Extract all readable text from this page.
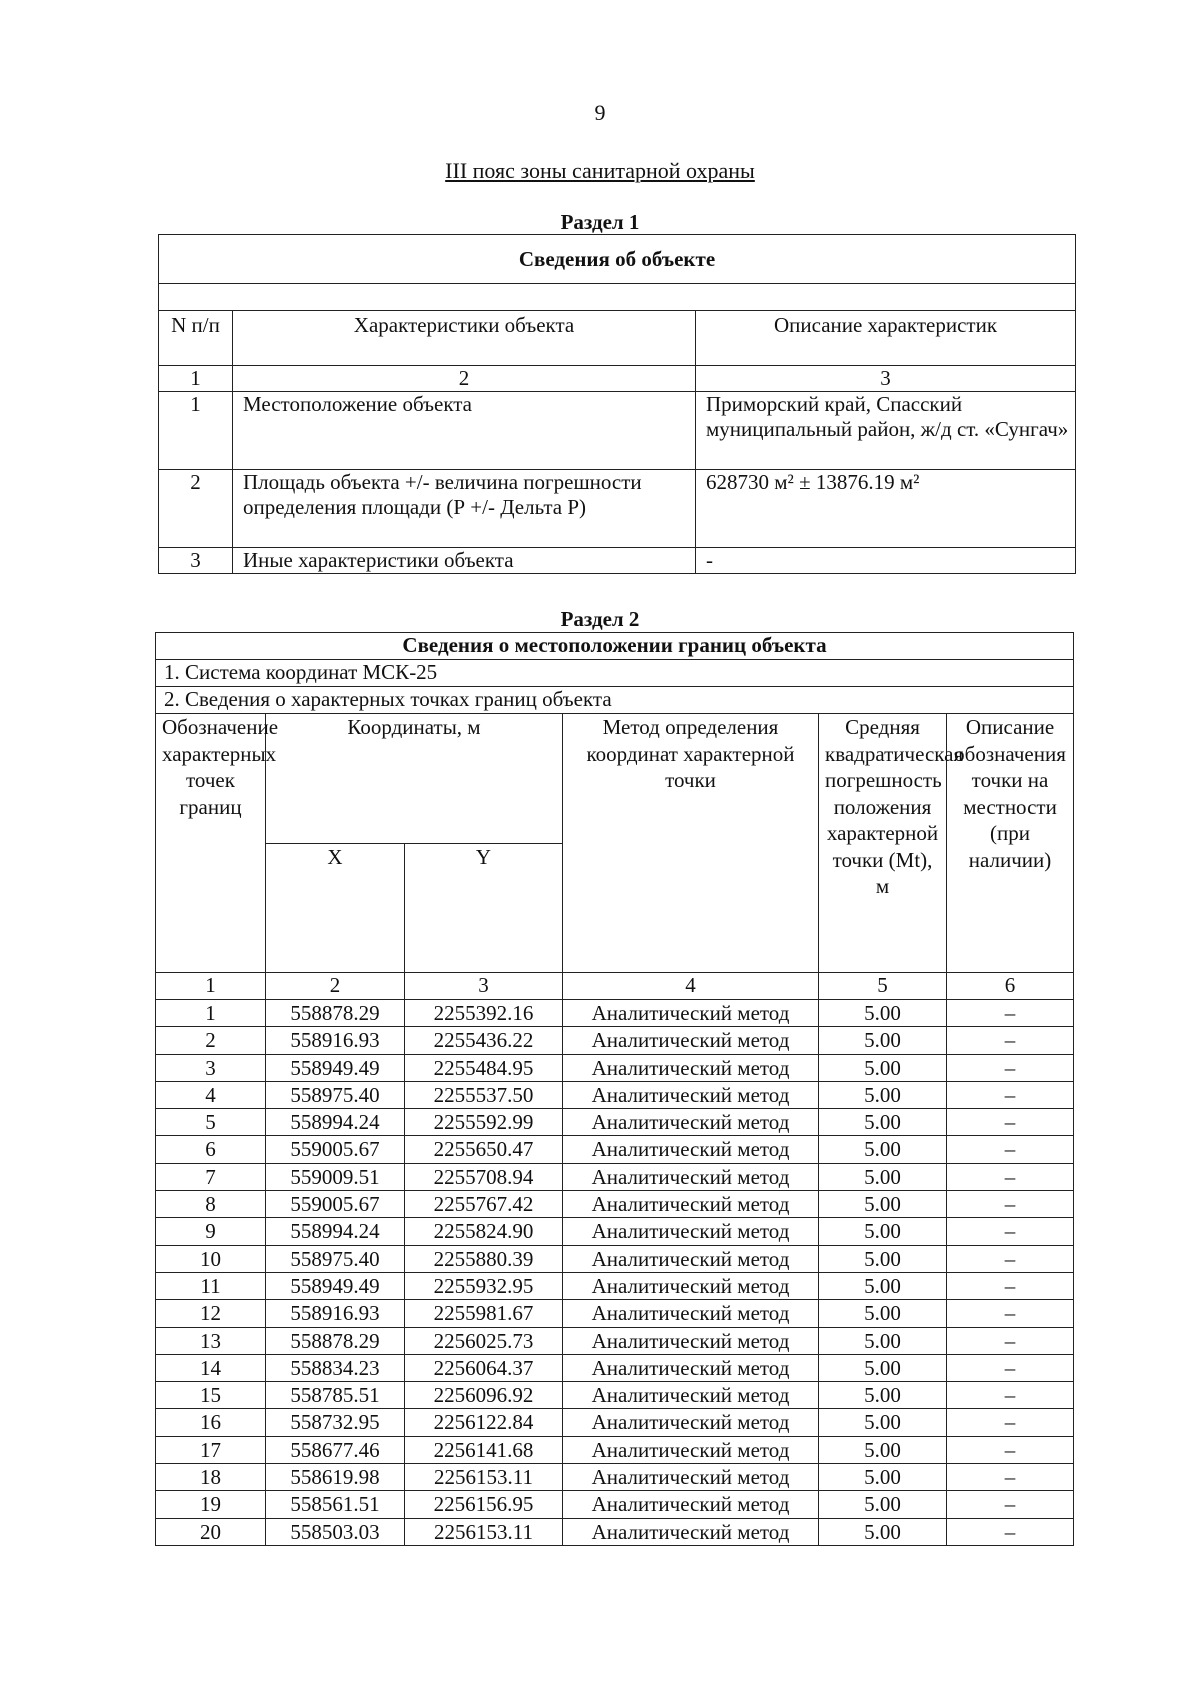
9
III пояс зоны санитарной охраны
Раздел 1
Сведения об объекте		

N п/п	Характеристики объекта	Описание характеристик
1	2	3
1	Местоположение объекта	Приморский край, Спасский муниципальный район, ж/д ст. «Сунгач»
2	Площадь объекта +/- величина погрешности определения площади (Р +/- Дельта Р)	628730 м² ± 13876.19 м²
3	Иные характеристики объекта	-
Раздел 2
Сведения о местоположении границ объекта					
1. Система координат МСК-25					
2. Сведения о характерных точках границ объекта					
Обозначение характерных точек границ	Координаты, м		Метод определения координат характерной точки	Средняя квадратическая погрешность положения характерной точки (Mt), м	Описание обозначения точки на местности (при наличии)
	X	Y			
1	2	3	4	5	6
1	558878.29	2255392.16	Аналитический метод	5.00	–
2	558916.93	2255436.22	Аналитический метод	5.00	–
3	558949.49	2255484.95	Аналитический метод	5.00	–
4	558975.40	2255537.50	Аналитический метод	5.00	–
5	558994.24	2255592.99	Аналитический метод	5.00	–
6	559005.67	2255650.47	Аналитический метод	5.00	–
7	559009.51	2255708.94	Аналитический метод	5.00	–
8	559005.67	2255767.42	Аналитический метод	5.00	–
9	558994.24	2255824.90	Аналитический метод	5.00	–
10	558975.40	2255880.39	Аналитический метод	5.00	–
11	558949.49	2255932.95	Аналитический метод	5.00	–
12	558916.93	2255981.67	Аналитический метод	5.00	–
13	558878.29	2256025.73	Аналитический метод	5.00	–
14	558834.23	2256064.37	Аналитический метод	5.00	–
15	558785.51	2256096.92	Аналитический метод	5.00	–
16	558732.95	2256122.84	Аналитический метод	5.00	–
17	558677.46	2256141.68	Аналитический метод	5.00	–
18	558619.98	2256153.11	Аналитический метод	5.00	–
19	558561.51	2256156.95	Аналитический метод	5.00	–
20	558503.03	2256153.11	Аналитический метод	5.00	–
